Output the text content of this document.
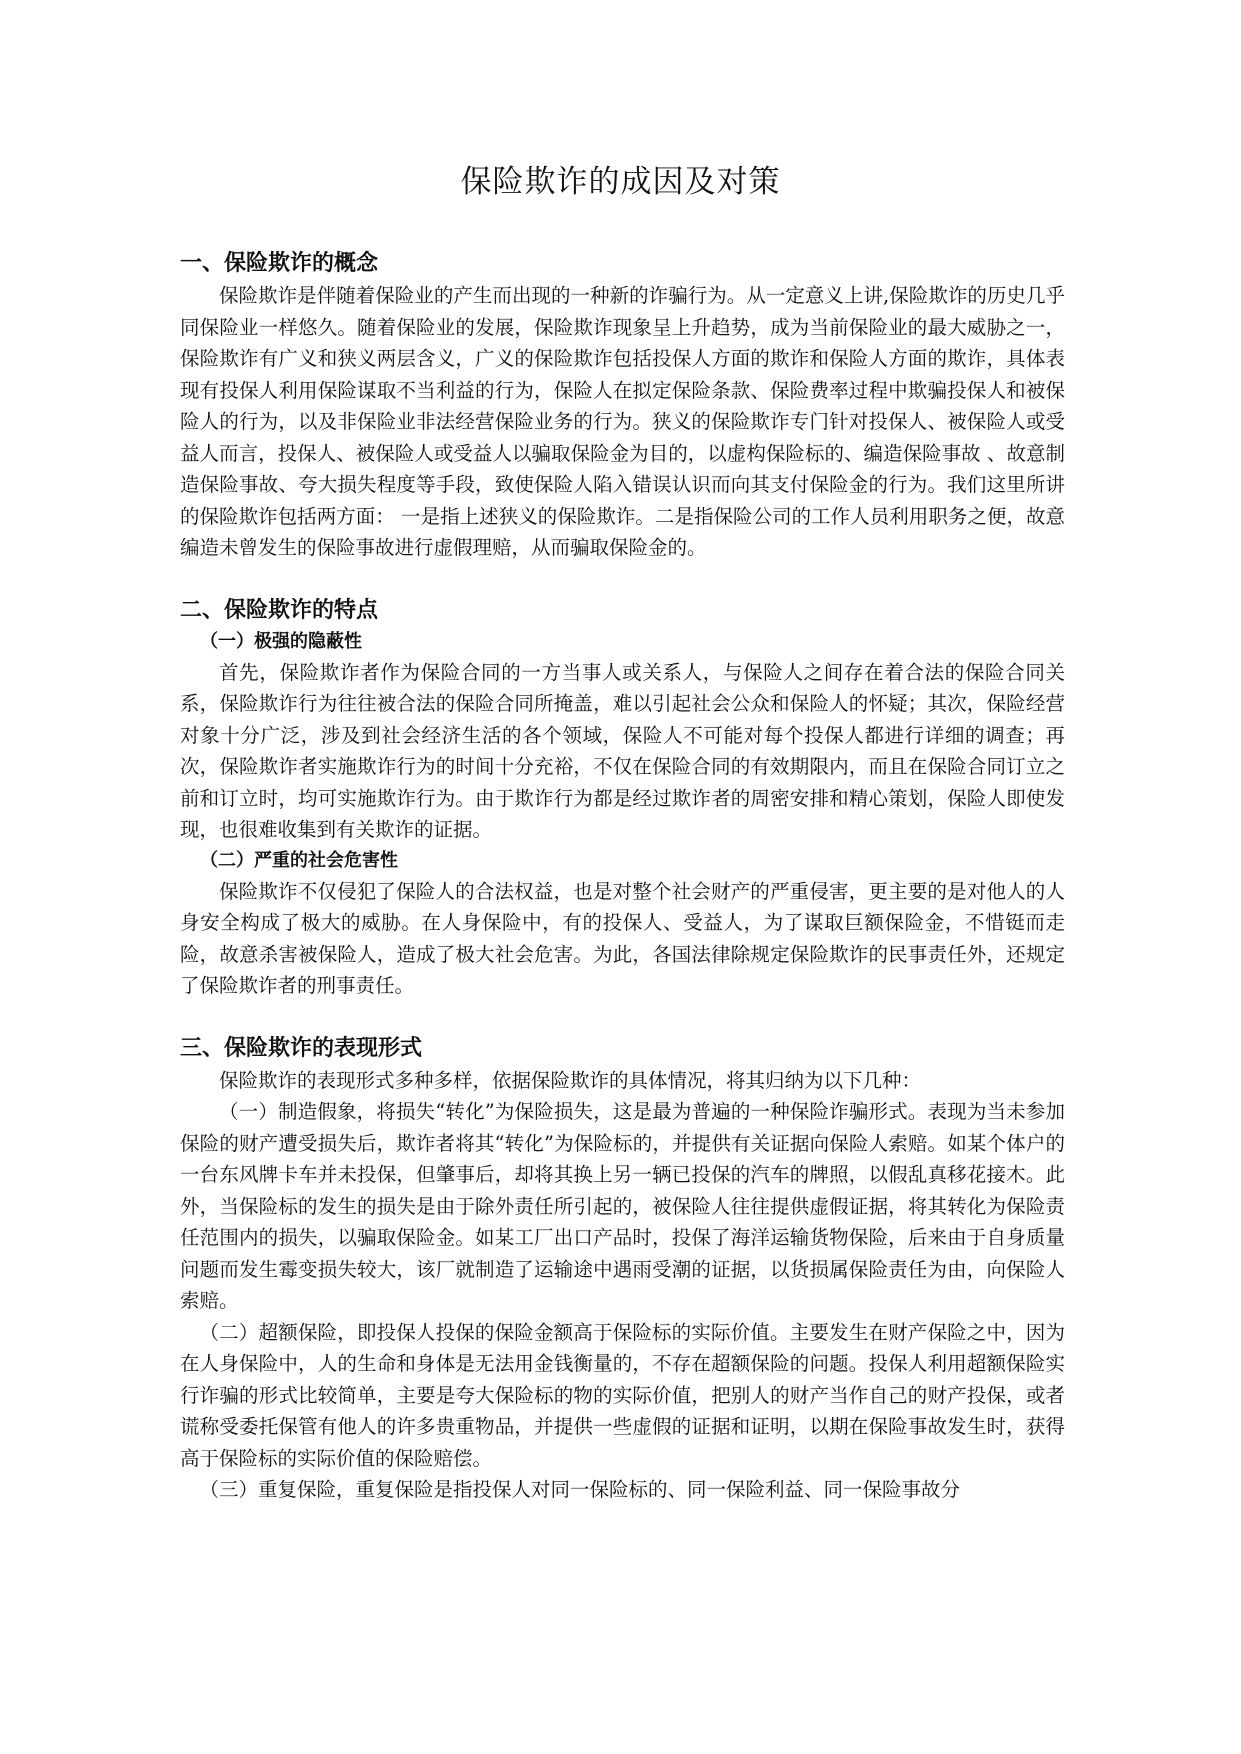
保险欺诈的成因及对策
一、保险欺诈的概念

保险欺诈是伴随着保险业的产生而出现的一种新的诈骗行为。从一定意义上讲,保险欺诈的历史几乎同保险业一样悠久。随着保险业的发展，保险欺诈现象呈上升趋势，成为当前保险业的最大威胁之一，保险欺诈有广义和狭义两层含义，广义的保险欺诈包括投保人方面的欺诈和保险人方面的欺诈，具体表现有投保人利用保险谋取不当利益的行为，保险人在拟定保险条款、保险费率过程中欺骗投保人和被保险人的行为，以及非保险业非法经营保险业务的行为。狭义的保险欺诈专门针对投保人、被保险人或受益人而言，投保人、被保险人或受益人以骗取保险金为目的，以虚构保险标的、编造保险事故 、故意制造保险事故、夸大损失程度等手段，致使保险人陷入错误认识而向其支付保险金的行为。我们这里所讲的保险欺诈包括两方面： 一是指上述狭义的保险欺诈。二是指保险公司的工作人员利用职务之便，故意编造未曾发生的保险事故进行虚假理赔，从而骗取保险金的。

二、保险欺诈的特点
（一）极强的隐蔽性

首先，保险欺诈者作为保险合同的一方当事人或关系人，与保险人之间存在着合法的保险合同关系，保险欺诈行为往往被合法的保险合同所掩盖，难以引起社会公众和保险人的怀疑；其次，保险经营对象十分广泛，涉及到社会经济生活的各个领域，保险人不可能对每个投保人都进行详细的调查；再次，保险欺诈者实施欺诈行为的时间十分充裕，不仅在保险合同的有效期限内，而且在保险合同订立之前和订立时，均可实施欺诈行为。由于欺诈行为都是经过欺诈者的周密安排和精心策划，保险人即使发现，也很难收集到有关欺诈的证据。

（二）严重的社会危害性

保险欺诈不仅侵犯了保险人的合法权益，也是对整个社会财产的严重侵害，更主要的是对他人的人身安全构成了极大的威胁。在人身保险中，有的投保人、受益人，为了谋取巨额保险金，不惜铤而走险，故意杀害被保险人，造成了极大社会危害。为此，各国法律除规定保险欺诈的民事责任外，还规定了保险欺诈者的刑事责任。

三、保险欺诈的表现形式

保险欺诈的表现形式多种多样，依据保险欺诈的具体情况，将其归纳为以下几种：

（一）制造假象，将损失“转化”为保险损失，这是最为普遍的一种保险诈骗形式。表现为当未参加保险的财产遭受损失后，欺诈者将其“转化”为保险标的，并提供有关证据向保险人索赔。如某个体户的一台东风牌卡车并未投保，但肇事后，却将其换上另一辆已投保的汽车的牌照，以假乱真移花接木。此外，当保险标的发生的损失是由于除外责任所引起的，被保险人往往提供虚假证据，将其转化为保险责任范围内的损失，以骗取保险金。如某工厂出口产品时，投保了海洋运输货物保险，后来由于自身质量问题而发生霉变损失较大，该厂就制造了运输途中遇雨受潮的证据，以货损属保险责任为由，向保险人索赔。

（二）超额保险，即投保人投保的保险金额高于保险标的实际价值。主要发生在财产保险之中，因为在人身保险中，人的生命和身体是无法用金钱衡量的，不存在超额保险的问题。投保人利用超额保险实行诈骗的形式比较简单，主要是夸大保险标的物的实际价值，把别人的财产当作自己的财产投保，或者谎称受委托保管有他人的许多贵重物品，并提供一些虚假的证据和证明，以期在保险事故发生时，获得高于保险标的实际价值的保险赔偿。

（三）重复保险，重复保险是指投保人对同一保险标的、同一保险利益、同一保险事故分
